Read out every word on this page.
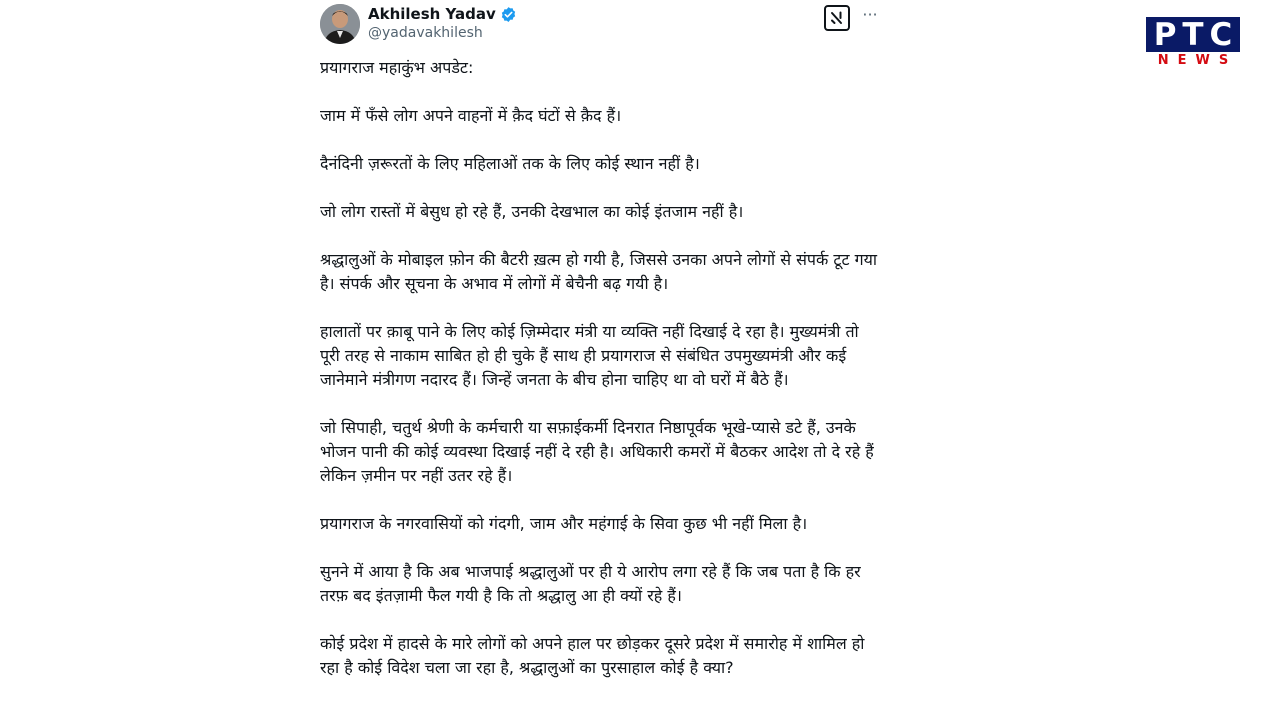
Akhilesh Yadav
@yadavakhilesh
···

प्रयागराज महाकुंभ अपडेट:

जाम में फँसे लोग अपने वाहनों में क़ैद घंटों से क़ैद हैं।

दैनंदिनी ज़रूरतों के लिए महिलाओं तक के लिए कोई स्थान नहीं है।

जो लोग रास्तों में बेसुध हो रहे हैं, उनकी देखभाल का कोई इंतजाम नहीं है।

श्रद्धालुओं के मोबाइल फ़ोन की बैटरी ख़त्म हो गयी है, जिससे उनका अपने लोगों से संपर्क टूट गया है। संपर्क और सूचना के अभाव में लोगों में बेचैनी बढ़ गयी है।

हालातों पर क़ाबू पाने के लिए कोई ज़िम्मेदार मंत्री या व्यक्ति नहीं दिखाई दे रहा है। मुख्यमंत्री तो पूरी तरह से नाकाम साबित हो ही चुके हैं साथ ही प्रयागराज से संबंधित उपमुख्यमंत्री और कई जानेमाने मंत्रीगण नदारद हैं। जिन्हें जनता के बीच होना चाहिए था वो घरों में बैठे हैं।

जो सिपाही, चतुर्थ श्रेणी के कर्मचारी या सफ़ाईकर्मी दिनरात निष्ठापूर्वक भूखे-प्यासे डटे हैं, उनके भोजन पानी की कोई व्यवस्था दिखाई नहीं दे रही है। अधिकारी कमरों में बैठकर आदेश तो दे रहे हैं लेकिन ज़मीन पर नहीं उतर रहे हैं।

प्रयागराज के नगरवासियों को गंदगी, जाम और महंगाई के सिवा कुछ भी नहीं मिला है।

सुनने में आया है कि अब भाजपाई श्रद्धालुओं पर ही ये आरोप लगा रहे हैं कि जब पता है कि हर तरफ़ बद इंतज़ामी फैल गयी है कि तो श्रद्धालु आ ही क्यों रहे हैं।

कोई प्रदेश में हादसे के मारे लोगों को अपने हाल पर छोड़कर दूसरे प्रदेश में समारोह में शामिल हो रहा है कोई विदेश चला जा रहा है, श्रद्धालुओं का पुरसाहाल कोई है क्या?

PTC
NEWS
